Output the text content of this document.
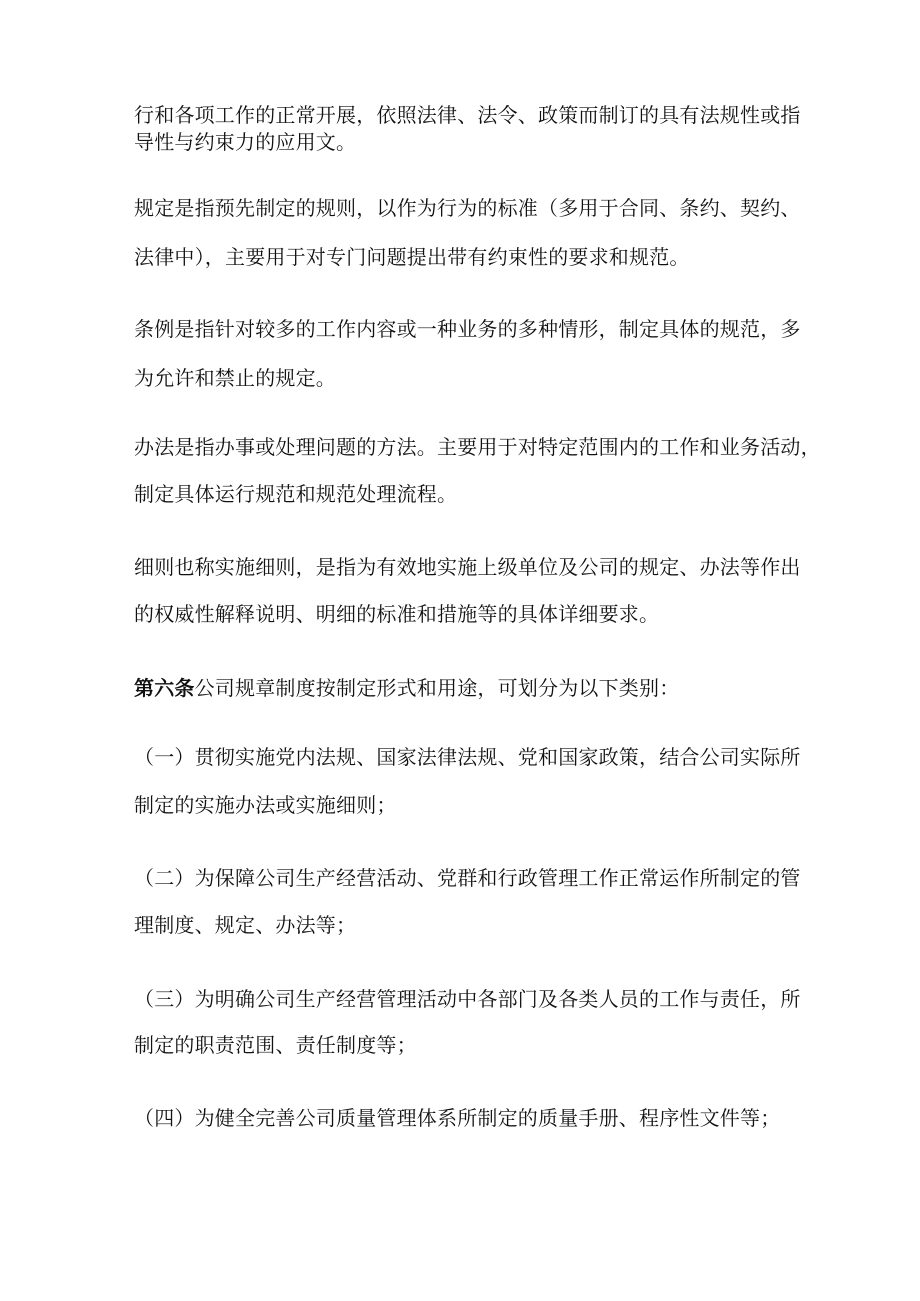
行和各项工作的正常开展，依照法律、法令、政策而制订的具有法规性或指
导性与约束力的应用文。
规定是指预先制定的规则，以作为行为的标准（多用于合同、条约、契约、
法律中），主要用于对专门问题提出带有约束性的要求和规范。
条例是指针对较多的工作内容或一种业务的多种情形，制定具体的规范，多
为允许和禁止的规定。
办法是指办事或处理问题的方法。主要用于对特定范围内的工作和业务活动，
制定具体运行规范和规范处理流程。
细则也称实施细则，是指为有效地实施上级单位及公司的规定、办法等作出
的权威性解释说明、明细的标准和措施等的具体详细要求。
第六条公司规章制度按制定形式和用途，可划分为以下类别：
（一）贯彻实施党内法规、国家法律法规、党和国家政策，结合公司实际所
制定的实施办法或实施细则；
（二）为保障公司生产经营活动、党群和行政管理工作正常运作所制定的管
理制度、规定、办法等；
（三）为明确公司生产经营管理活动中各部门及各类人员的工作与责任，所
制定的职责范围、责任制度等；
（四）为健全完善公司质量管理体系所制定的质量手册、程序性文件等；
